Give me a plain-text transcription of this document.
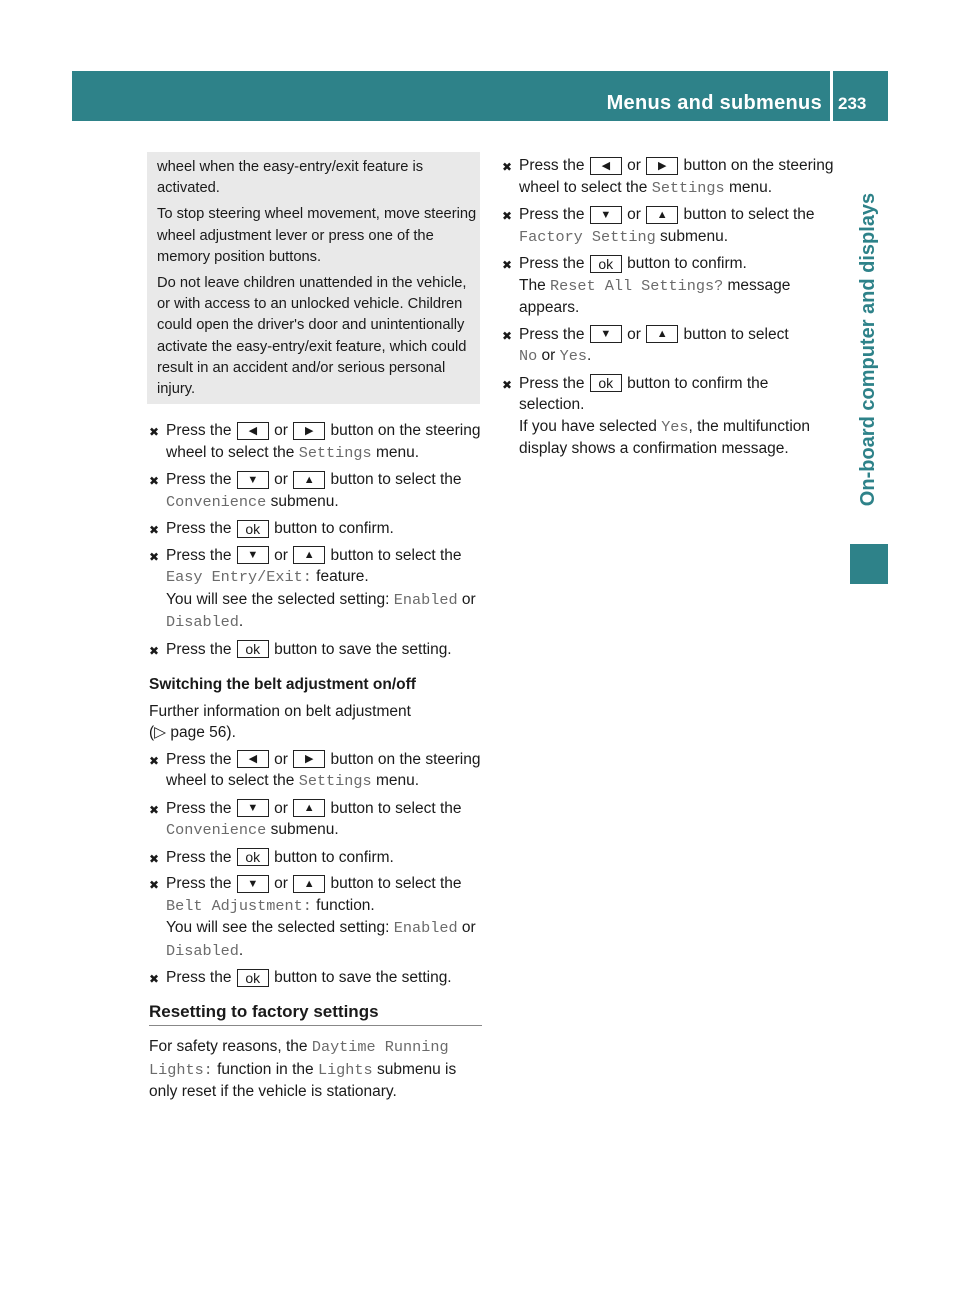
Menus and submenus 233
On-board computer and displays

wheel when the easy-entry/exit feature is activated.

To stop steering wheel movement, move steering wheel adjustment lever or press one of the memory position buttons.

Do not leave children unattended in the vehicle, or with access to an unlocked vehicle. Children could open the driver's door and unintentionally activate the easy-entry/exit feature, which could result in an accident and/or serious personal injury.

✖ Press the ◀ or ▶ button on the steering wheel to select the Settings menu.
✖ Press the ▼ or ▲ button to select the Convenience submenu.
✖ Press the ok button to confirm.
✖ Press the ▼ or ▲ button to select the Easy Entry/Exit: feature.
You will see the selected setting: Enabled or Disabled.
✖ Press the ok button to save the setting.
Switching the belt adjustment on/off

Further information on belt adjustment
(▷ page 56).

✖ Press the ◀ or ▶ button on the steering wheel to select the Settings menu.
✖ Press the ▼ or ▲ button to select the Convenience submenu.
✖ Press the ok button to confirm.
✖ Press the ▼ or ▲ button to select the Belt Adjustment: function.
You will see the selected setting: Enabled or Disabled.
✖ Press the ok button to save the setting.
Resetting to factory settings

For safety reasons, the Daytime Running Lights: function in the Lights submenu is only reset if the vehicle is stationary.

✖ Press the ◀ or ▶ button on the steering wheel to select the Settings menu.
✖ Press the ▼ or ▲ button to select the Factory Setting submenu.
✖ Press the ok button to confirm.
The Reset All Settings? message appears.
✖ Press the ▼ or ▲ button to select
No or Yes.
✖ Press the ok button to confirm the selection.
If you have selected Yes, the multifunction display shows a confirmation message.
